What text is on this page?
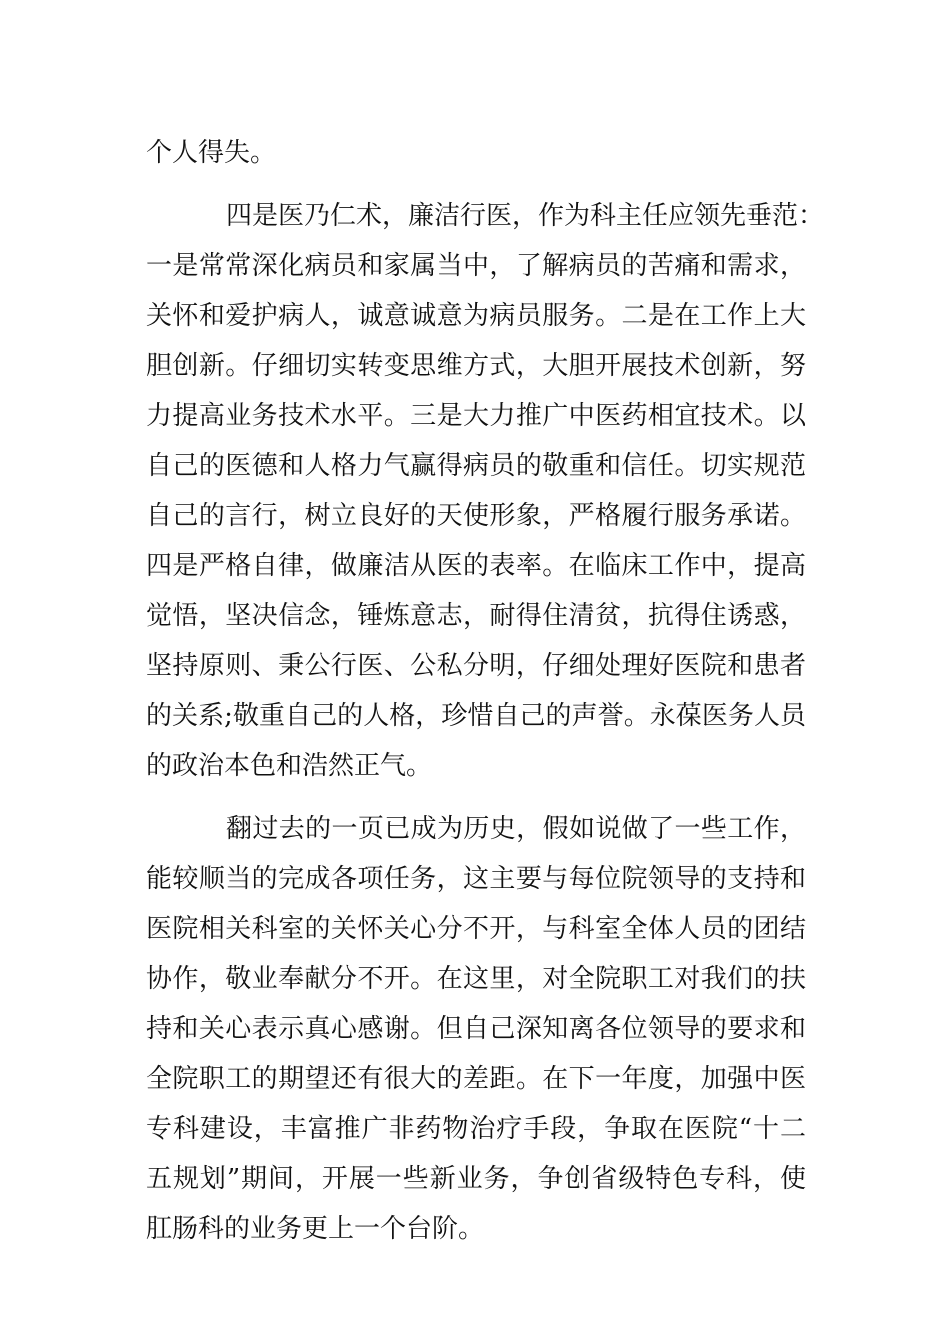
个人得失。
四是医乃仁术，廉洁行医，作为科主任应领先垂范：
一是常常深化病员和家属当中，了解病员的苦痛和需求，
关怀和爱护病人，诚意诚意为病员服务。二是在工作上大
胆创新。仔细切实转变思维方式，大胆开展技术创新，努
力提高业务技术水平。三是大力推广中医药相宜技术。以
自己的医德和人格力气赢得病员的敬重和信任。切实规范
自己的言行，树立良好的天使形象，严格履行服务承诺。
四是严格自律，做廉洁从医的表率。在临床工作中，提高
觉悟，坚决信念，锤炼意志，耐得住清贫，抗得住诱惑，
坚持原则、秉公行医、公私分明，仔细处理好医院和患者
的关系;敬重自己的人格，珍惜自己的声誉。永葆医务人员
的政治本色和浩然正气。
翻过去的一页已成为历史，假如说做了一些工作，
能较顺当的完成各项任务，这主要与每位院领导的支持和
医院相关科室的关怀关心分不开，与科室全体人员的团结
协作，敬业奉献分不开。在这里，对全院职工对我们的扶
持和关心表示真心感谢。但自己深知离各位领导的要求和
全院职工的期望还有很大的差距。在下一年度，加强中医
专科建设，丰富推广非药物治疗手段，争取在医院“十二
五规划”期间，开展一些新业务，争创省级特色专科，使
肛肠科的业务更上一个台阶。
